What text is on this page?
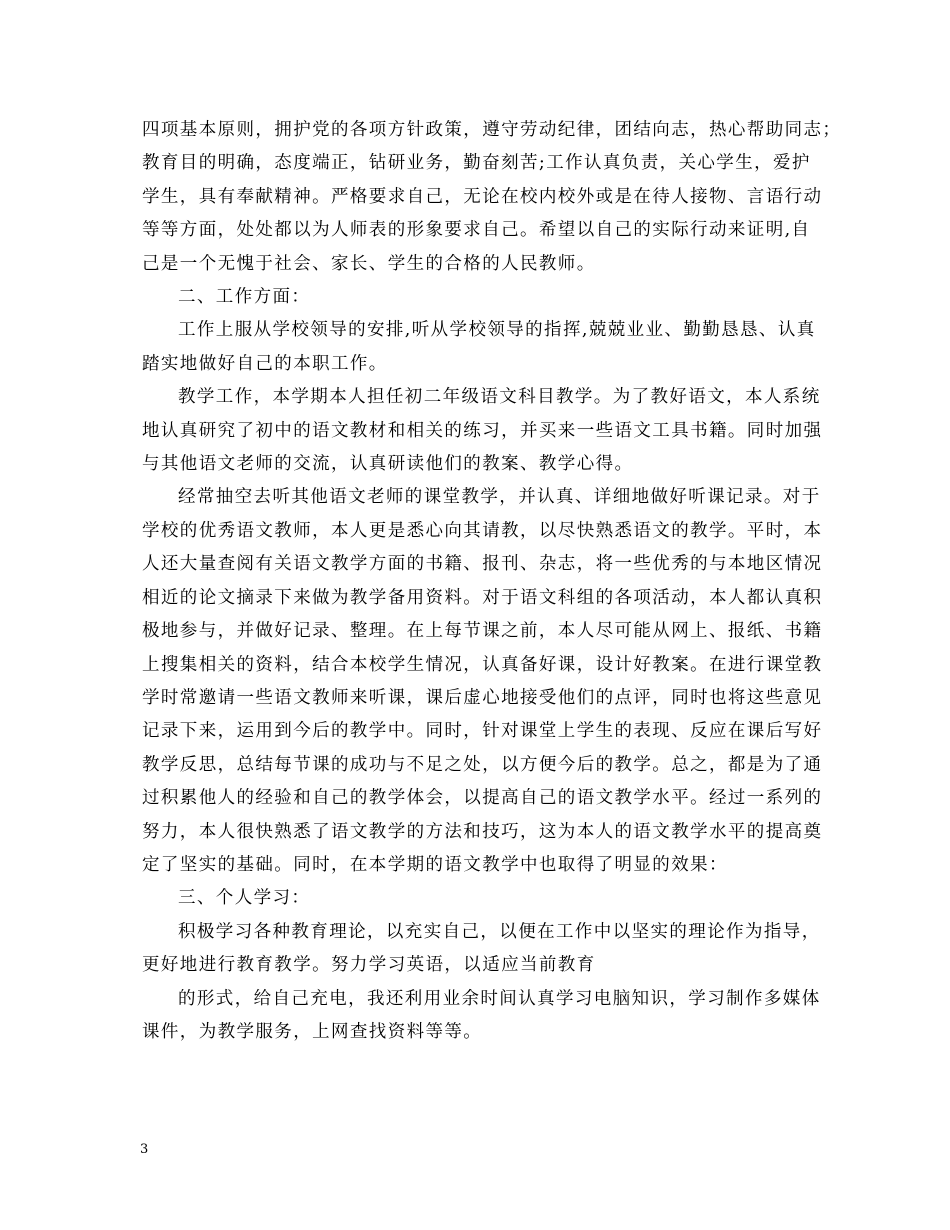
四项基本原则，拥护党的各项方针政策，遵守劳动纪律，团结向志，热心帮助同志；
教育目的明确，态度端正，钻研业务，勤奋刻苦;工作认真负责，关心学生，爱护
学生，具有奉献精神。严格要求自己，无论在校内校外或是在待人接物、言语行动
等等方面，处处都以为人师表的形象要求自己。希望以自己的实际行动来证明,自
己是一个无愧于社会、家长、学生的合格的人民教师。
二、工作方面：
工作上服从学校领导的安排,听从学校领导的指挥,兢兢业业、勤勤恳恳、认真
踏实地做好自己的本职工作。
教学工作，本学期本人担任初二年级语文科目教学。为了教好语文，本人系统
地认真研究了初中的语文教材和相关的练习，并买来一些语文工具书籍。同时加强
与其他语文老师的交流，认真研读他们的教案、教学心得。
经常抽空去听其他语文老师的课堂教学，并认真、详细地做好听课记录。对于
学校的优秀语文教师，本人更是悉心向其请教，以尽快熟悉语文的教学。平时，本
人还大量查阅有关语文教学方面的书籍、报刊、杂志，将一些优秀的与本地区情况
相近的论文摘录下来做为教学备用资料。对于语文科组的各项活动，本人都认真积
极地参与，并做好记录、整理。在上每节课之前，本人尽可能从网上、报纸、书籍
上搜集相关的资料，结合本校学生情况，认真备好课，设计好教案。在进行课堂教
学时常邀请一些语文教师来听课，课后虚心地接受他们的点评，同时也将这些意见
记录下来，运用到今后的教学中。同时，针对课堂上学生的表现、反应在课后写好
教学反思，总结每节课的成功与不足之处，以方便今后的教学。总之，都是为了通
过积累他人的经验和自己的教学体会，以提高自己的语文教学水平。经过一系列的
努力，本人很快熟悉了语文教学的方法和技巧，这为本人的语文教学水平的提高奠
定了坚实的基础。同时，在本学期的语文教学中也取得了明显的效果：
三、个人学习：
积极学习各种教育理论，以充实自己，以便在工作中以坚实的理论作为指导，
更好地进行教育教学。努力学习英语，以适应当前教育
的形式，给自己充电，我还利用业余时间认真学习电脑知识，学习制作多媒体
课件，为教学服务，上网查找资料等等。
3
